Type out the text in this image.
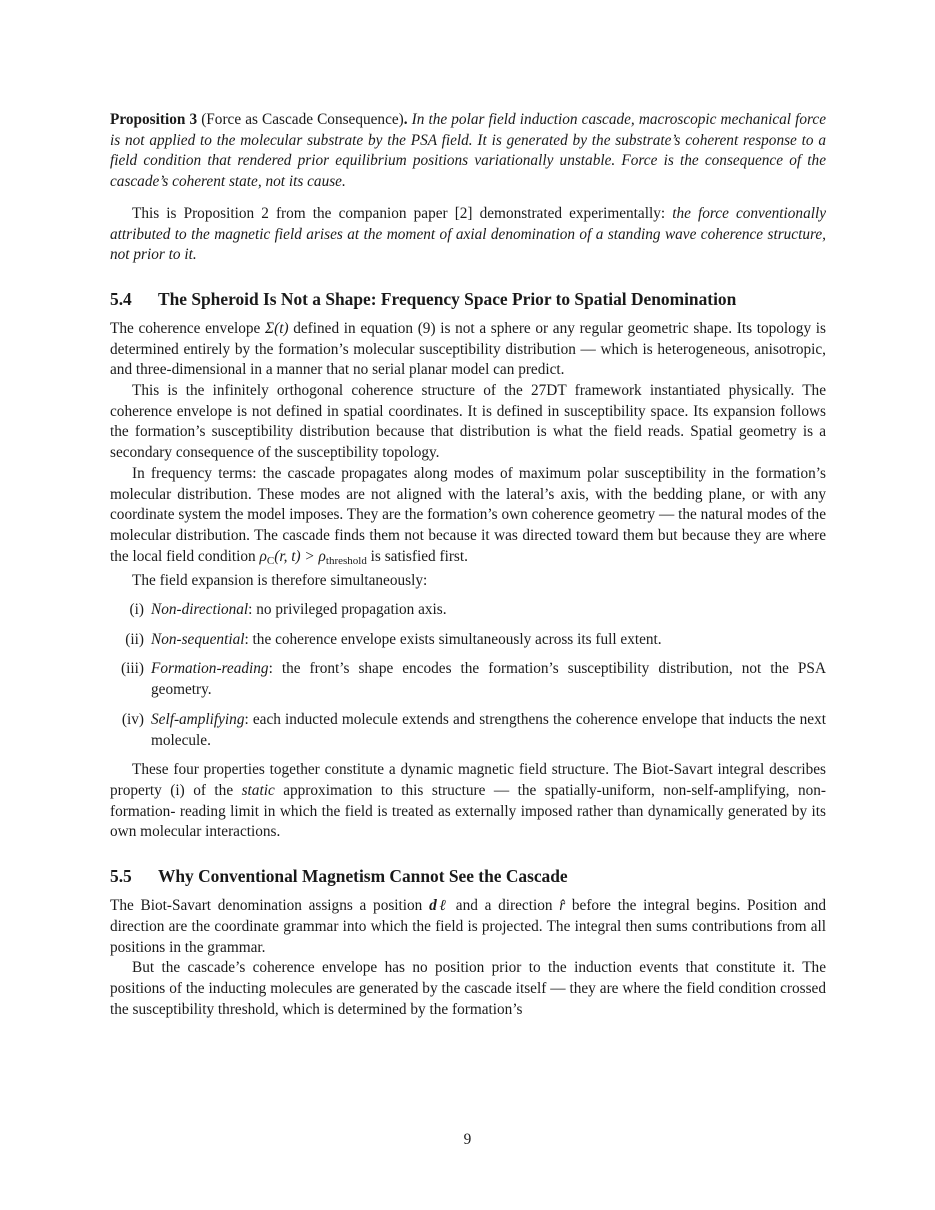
Proposition 3 (Force as Cascade Consequence). In the polar field induction cascade, macroscopic mechanical force is not applied to the molecular substrate by the PSA field. It is generated by the substrate’s coherent response to a field condition that rendered prior equilibrium positions variationally unstable. Force is the consequence of the cascade’s coherent state, not its cause.

This is Proposition 2 from the companion paper [2] demonstrated experimentally: the force conventionally attributed to the magnetic field arises at the moment of axial denomination of a standing wave coherence structure, not prior to it.

5.4 The Spheroid Is Not a Shape: Frequency Space Prior to Spatial Denomination

The coherence envelope Σ(t) defined in equation (9) is not a sphere or any regular geometric shape. Its topology is determined entirely by the formation’s molecular susceptibility distribution — which is heterogeneous, anisotropic, and three-dimensional in a manner that no serial planar model can predict.

This is the infinitely orthogonal coherence structure of the 27DT framework instantiated physically. The coherence envelope is not defined in spatial coordinates. It is defined in susceptibility space. Its expansion follows the formation’s susceptibility distribution because that distribution is what the field reads. Spatial geometry is a secondary consequence of the susceptibility topology.

In frequency terms: the cascade propagates along modes of maximum polar susceptibility in the formation’s molecular distribution. These modes are not aligned with the lateral’s axis, with the bedding plane, or with any coordinate system the model imposes. They are the formation’s own coherence geometry — the natural modes of the molecular distribution. The cascade finds them not because it was directed toward them but because they are where the local field condition $\rho_C(r$, $t) > \rho_{threshold}$ is satisfied first.

The field expansion is therefore simultaneously:

(i) Non-directional: no privileged propagation axis.
(ii) Non-sequential: the coherence envelope exists simultaneously across its full extent.
(iii) Formation-reading: the front’s shape encodes the formation’s susceptibility distribution, not the PSA geometry.
(iv) Self-amplifying: each inducted molecule extends and strengthens the coherence envelope that inducts the next molecule.

These four properties together constitute a dynamic magnetic field structure. The Biot-Savart integral describes property (i) of the static approximation to this structure — the spatially-uniform, non-self-amplifying, non-formation- reading limit in which the field is treated as externally imposed rather than dynamically generated by its own molecular interactions.

5.5 Why Conventional Magnetism Cannot See the Cascade

The Biot-Savart denomination assigns a position dℓ and a direction r̂ before the integral begins. Position and direction are the coordinate grammar into which the field is projected. The integral then sums contributions from all positions in the grammar.

But the cascade’s coherence envelope has no position prior to the induction events that constitute it. The positions of the inducting molecules are generated by the cascade itself — they are where the field condition crossed the susceptibility threshold, which is determined by the formation’s

9
